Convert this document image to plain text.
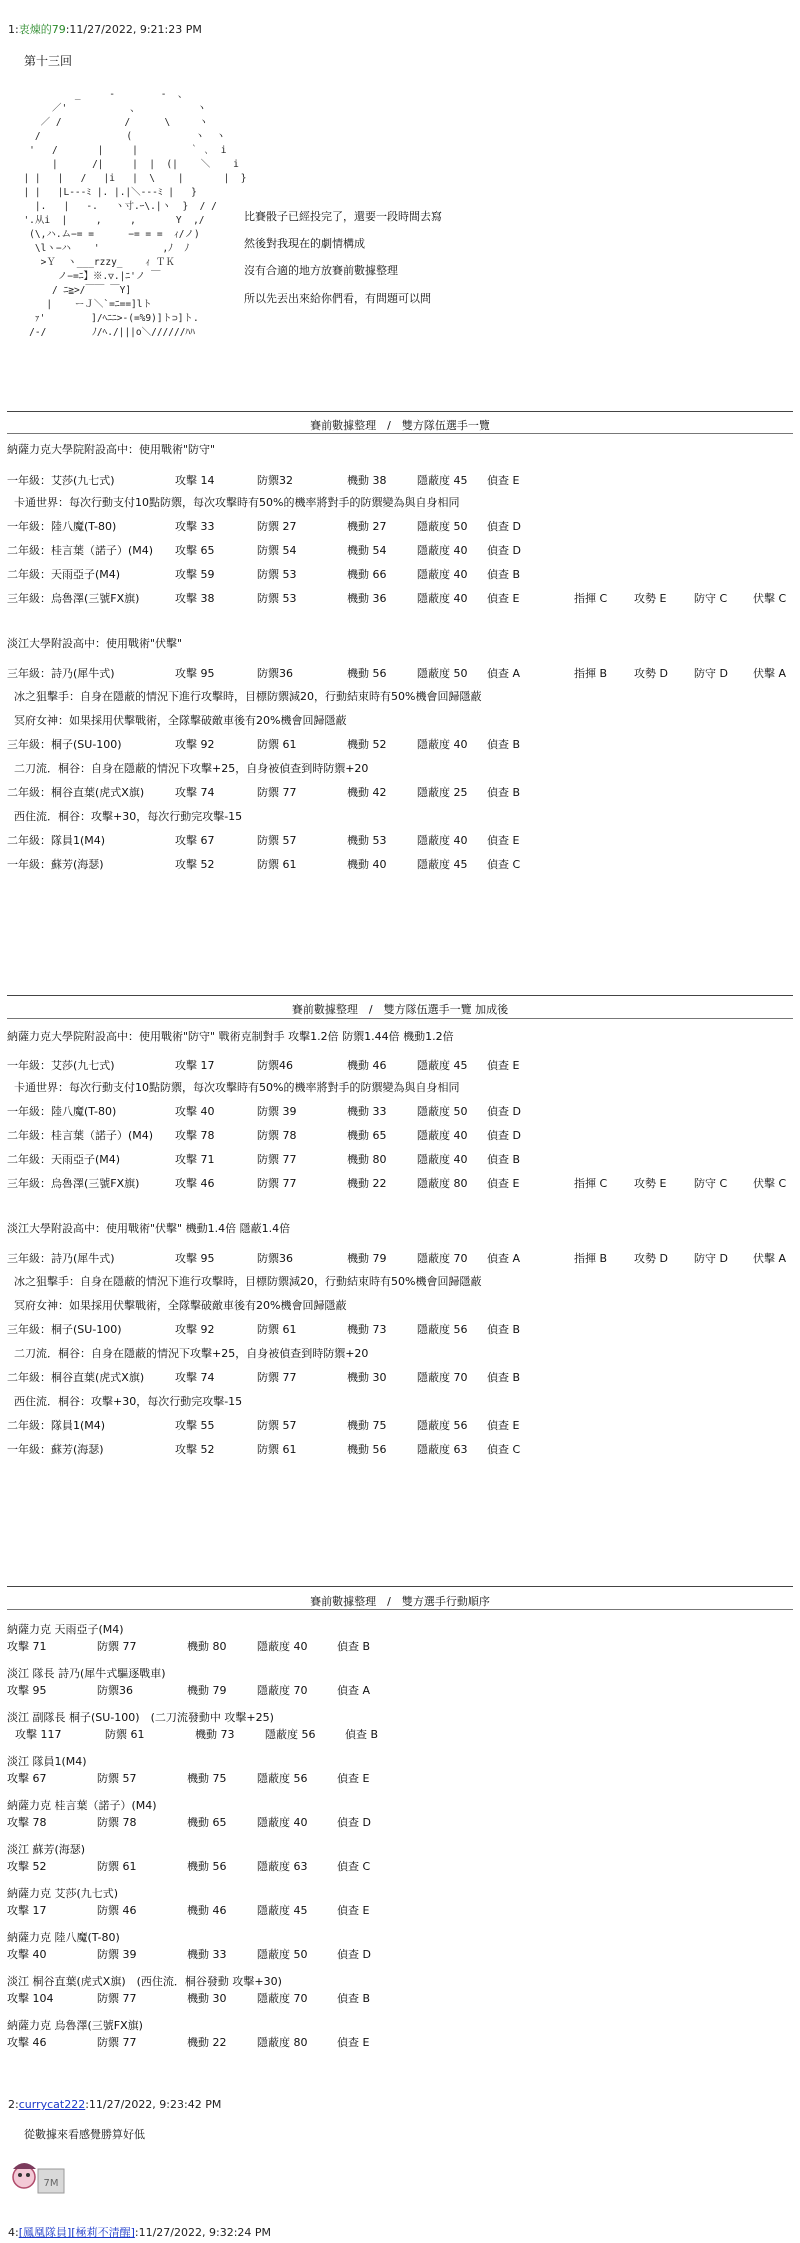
1:衷煉的79:11/27/2022, 9:21:23 PM
第十三回
_     -        -  、
／'           、          ヽ
／ /           /      \     ヽ
/               (           ヽ  ヽ
'   /       |     |         ｀ ､  i
|      /|     |  |  (|    ＼    i
| |   |   /   |i   |  \    |       |  }
| |   |L---ﾐ |. |.|＼---ﾐ |   }
|.   |   -.   ヽ寸.ｰ\.|ヽ  }  / /
'.从i  |     ,     ,       Y  ,/
(\,ハ.ム−= =      −= = =  ｨ/ノ)
\lヽ−ハ    '           ,ﾉ  ﾉ
>Ｙ  ヽ___rzzy_    ｨ ＴＫ
ノ−=ﾆ】※.▽.|ﾆ'ノ ￣
/ ﾆ≧>/￣￣ ￣Y]
|    ーＪ＼`=ﾆ==]lト
ｧ'        ]/ﾍﾆﾆ>-(=%9)]ト⊃]ト.
/-/        ﾉ/ﾍ./|||o＼//////ﾊﾊ
比賽骰子已經投完了，還要一段時間去寫
然後對我現在的劇情構成
沒有合適的地方放賽前數據整理
所以先丟出來給你們看，有問題可以問
賽前數據整理　/　雙方隊伍選手一覽
納薩力克大學院附設高中：使用戰術"防守"
賽前數據整理　/　雙方隊伍選手一覽 加成後
納薩力克大學院附設高中：使用戰術"防守" 戰術克制對手 攻擊1.2倍 防禦1.44倍 機動1.2倍
賽前數據整理　/　雙方選手行動順序
2:currycat222:11/27/2022, 9:23:42 PM
從數據來看感覺勝算好低
7M
4:[鳳凰隊員][極莉不清醒]:11/27/2022, 9:32:24 PM
一年級：艾莎(九七式)	攻擊 14	防禦32	機動 38	隱蔽度 45 偵查 E
卡通世界：每次行動支付10點防禦，每次攻擊時有50%的機率將對手的防禦變為與自身相同
一年級：陸八魔(T-80)	攻擊 33	防禦 27	機動 27	隱蔽度 50 偵查 D
二年級：桂言葉（諾子）(M4) 攻擊 65	防禦 54	機動 54	隱蔽度 40 偵查 D
二年級：天雨亞子(M4)	攻擊 59	防禦 53	機動 66	隱蔽度 40 偵查 B
三年級：烏魯澤(三號FX旗)	攻擊 38	防禦 53	機動 36	隱蔽度 40 偵查 E	指揮 C 攻勢 E	防守 C 伏擊 C
淡江大學附設高中：使用戰術"伏擊"
三年級：詩乃(犀牛式)	攻擊 95	防禦36	機動 56	隱蔽度 50 偵查 A	指揮 B 攻勢 D 防守 D 伏擊 A
冰之狙擊手：自身在隱蔽的情況下進行攻擊時，目標防禦減20，行動結束時有50%機會回歸隱蔽
冥府女神：如果採用伏擊戰術，全隊擊破敵車後有20%機會回歸隱蔽
三年級：桐子(SU-100)	攻擊 92	防禦 61	機動 52	隱蔽度 40 偵查 B
二刀流．桐谷：自身在隱蔽的情況下攻擊+25，自身被偵查到時防禦+20
二年級：桐谷直葉(虎式X旗)	攻擊 74	防禦 77	機動 42	隱蔽度 25 偵查 B
西住流．桐谷：攻擊+30，每次行動完攻擊-15
二年級：隊員1(M4)	攻擊 67	防禦 57	機動 53	隱蔽度 40 偵查 E
一年級：蘇芳(海瑟)	攻擊 52	防禦 61	機動 40	隱蔽度 45 偵查 C
一年級：艾莎(九七式)	攻擊 17	防禦46	機動 46	隱蔽度 45 偵查 E
卡通世界：每次行動支付10點防禦，每次攻擊時有50%的機率將對手的防禦變為與自身相同
一年級：陸八魔(T-80)	攻擊 40	防禦 39	機動 33	隱蔽度 50 偵查 D
二年級：桂言葉（諾子）(M4) 攻擊 78	防禦 78	機動 65	隱蔽度 40 偵查 D
二年級：天雨亞子(M4)	攻擊 71	防禦 77	機動 80	隱蔽度 40 偵查 B
三年級：烏魯澤(三號FX旗)	攻擊 46	防禦 77	機動 22	隱蔽度 80 偵查 E	指揮 C 攻勢 E	防守 C 伏擊 C
淡江大學附設高中：使用戰術"伏擊" 機動1.4倍 隱蔽1.4倍
三年級：詩乃(犀牛式)	攻擊 95	防禦36	機動 79	隱蔽度 70 偵查 A	指揮 B 攻勢 D 防守 D 伏擊 A
冰之狙擊手：自身在隱蔽的情況下進行攻擊時，目標防禦減20，行動結束時有50%機會回歸隱蔽
冥府女神：如果採用伏擊戰術，全隊擊破敵車後有20%機會回歸隱蔽
三年級：桐子(SU-100)	攻擊 92	防禦 61	機動 73	隱蔽度 56 偵查 B
二刀流．桐谷：自身在隱蔽的情況下攻擊+25，自身被偵查到時防禦+20
二年級：桐谷直葉(虎式X旗)	攻擊 74	防禦 77	機動 30	隱蔽度 70 偵查 B
西住流．桐谷：攻擊+30，每次行動完攻擊-15
二年級：隊員1(M4)	攻擊 55	防禦 57	機動 75	隱蔽度 56 偵查 E
一年級：蘇芳(海瑟)	攻擊 52	防禦 61	機動 56	隱蔽度 63 偵查 C
納薩力克 天雨亞子(M4)
攻擊 71	防禦 77	機動 80	隱蔽度 40	偵查 B
淡江 隊長 詩乃(犀牛式驅逐戰車)
攻擊 95	防禦36	機動 79	隱蔽度 70	偵查 A
淡江 副隊長 桐子(SU-100)　(二刀流發動中 攻擊+25)
攻擊 117	防禦 61	機動 73	隱蔽度 56	偵查 B
淡江 隊員1(M4)
攻擊 67	防禦 57	機動 75	隱蔽度 56	偵查 E
納薩力克 桂言葉（諾子）(M4)
攻擊 78	防禦 78	機動 65	隱蔽度 40	偵查 D
淡江 蘇芳(海瑟)
攻擊 52	防禦 61	機動 56	隱蔽度 63	偵查 C
納薩力克 艾莎(九七式)
攻擊 17	防禦 46	機動 46	隱蔽度 45	偵查 E
納薩力克 陸八魔(T-80)
攻擊 40	防禦 39	機動 33	隱蔽度 50	偵查 D
淡江 桐谷直葉(虎式X旗)　(西住流．桐谷發動 攻擊+30)
攻擊 104	防禦 77	機動 30	隱蔽度 70	偵查 B
納薩力克 烏魯澤(三號FX旗)
攻擊 46	防禦 77	機動 22	隱蔽度 80	偵查 E
